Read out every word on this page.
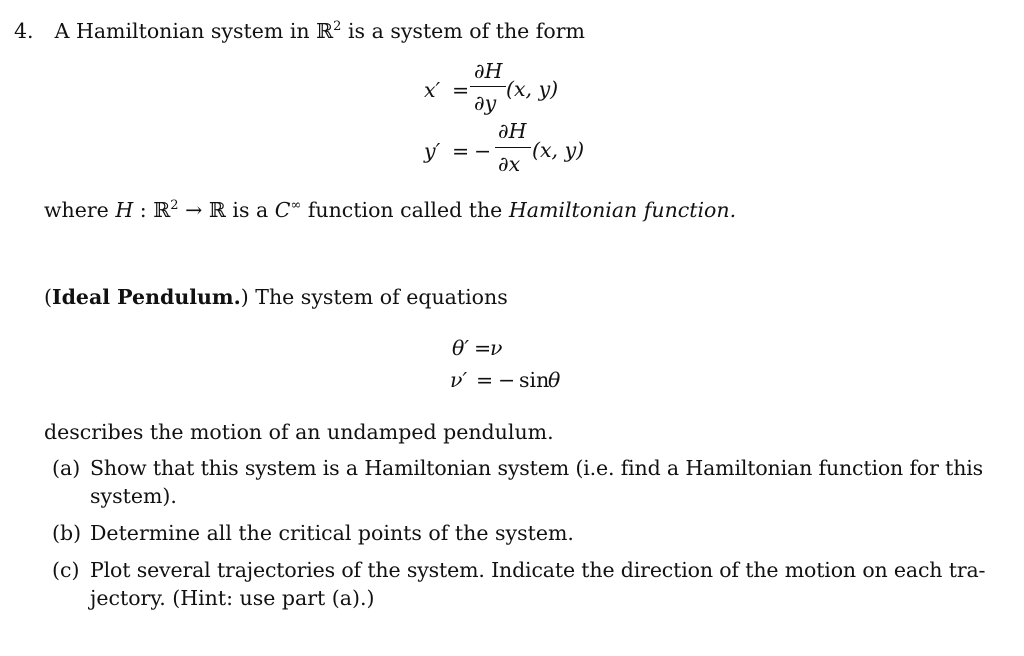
4. A Hamiltonian system in ℝ$^2$ is a system of the form
x′ =
∂H
∂y
(x, y)
y′ = −
∂H
∂x
(x, y)
where H : ℝ$^2$ → ℝ is a C∞ function called the Hamiltonian function.
(Ideal Pendulum.) The system of equations
θ′ =
ν
ν′ = − sin
θ
describes the motion of an undamped pendulum.
(a) Show that this system is a Hamiltonian system (i.e. find a Hamiltonian function for this
system).
(b) Determine all the critical points of the system.
(c) Plot several trajectories of the system. Indicate the direction of the motion on each tra-
jectory. (Hint: use part (a).)
